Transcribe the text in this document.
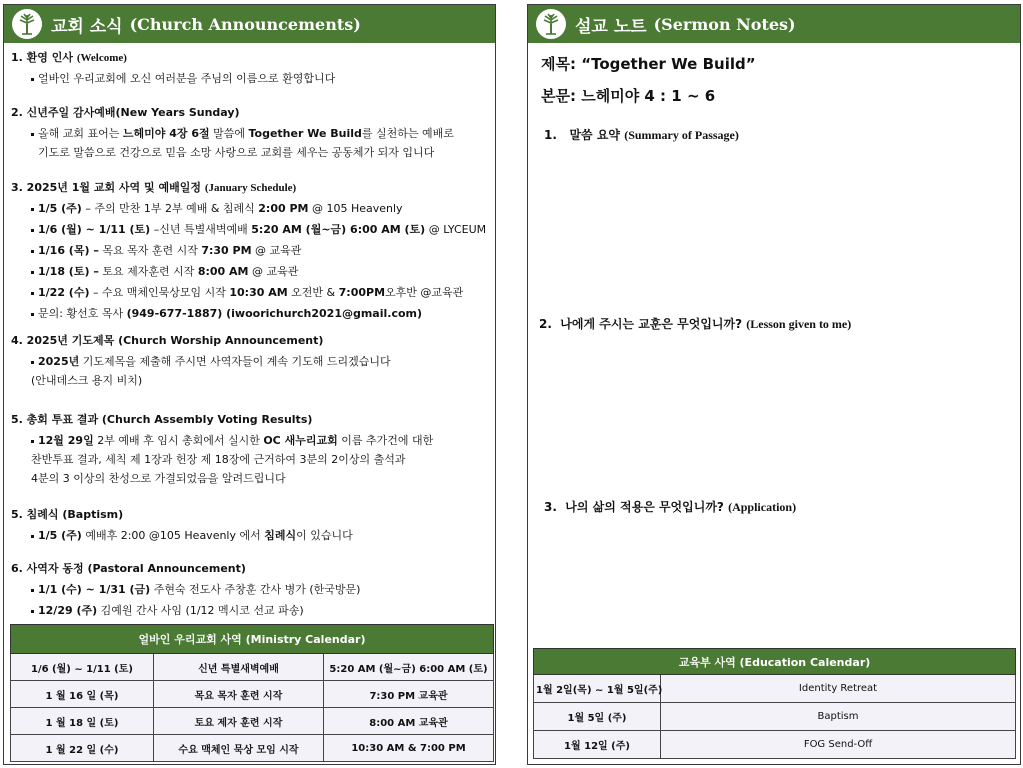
교회 소식 (Church Announcements)
1. 환영 인사 (Welcome)
얼바인 우리교회에 오신 여러분을 주님의 이름으로 환영합니다
2. 신년주일 감사예배(New Years Sunday)
올해 교회 표어는 느헤미야 4장 6절 말씀에 Together We Build를 실천하는 예배로
기도로 말씀으로 건강으로 믿음 소망 사랑으로 교회를 세우는 공동체가 되자 입니다
3. 2025년 1월 교회 사역 및 예배일정 (January Schedule)
1/5 (주) – 주의 만찬 1부 2부 예배 & 침례식 2:00 PM @ 105 Heavenly
1/6 (월) ~ 1/11 (토) –신년 특별새벽예배 5:20 AM (월~금) 6:00 AM (토) @ LYCEUM
1/16 (목) – 목요 목자 훈련 시작 7:30 PM @ 교육관
1/18 (토) – 토요 제자훈련 시작 8:00 AM @ 교육관
1/22 (수) – 수요 맥체인묵상모임 시작 10:30 AM 오전반 & 7:00PM오후반 @교육관
문의: 황선호 목사 (949-677-1887) (iwoorichurch2021@gmail.com)
4. 2025년 기도제목 (Church Worship Announcement)
2025년 기도제목을 제출해 주시면 사역자들이 계속 기도해 드리겠습니다
(안내데스크 용지 비치)
5. 총회 투표 결과 (Church Assembly Voting Results)
12월 29일 2부 예배 후 임시 총회에서 실시한 OC 새누리교회 이름 추가건에 대한
찬반투표 결과, 세칙 제 1장과 헌장 제 18장에 근거하여 3분의 2이상의 출석과
4분의 3 이상의 찬성으로 가결되었음을 알려드립니다
5. 침례식 (Baptism)
1/5 (주) 예배후 2:00 @105 Heavenly 에서 침례식이 있습니다
6. 사역자 동정 (Pastoral Announcement)
1/1 (수) ~ 1/31 (금) 주현숙 전도사 주창훈 간사 병가 (한국방문)
12/29 (주) 김예원 간사 사임 (1/12 멕시코 선교 파송)
얼바인 우리교회 사역 (Ministry Calendar)		
1/6 (월) ~ 1/11 (토)	신년 특별새벽예배	5:20 AM (월~금) 6:00 AM (토)
1 월 16 일 (목)	목요 목자 훈련 시작	7:30 PM 교육관
1 월 18 일 (토)	토요 제자 훈련 시작	8:00 AM 교육관
1 월 22 일 (수)	수요 맥체인 묵상 모임 시작	10:30 AM & 7:00 PM
설교 노트 (Sermon Notes)
제목: “Together We Build”
본문: 느헤미야 4 : 1 ~ 6
1. 말씀 요약 (Summary of Passage)
2. 나에게 주시는 교훈은 무엇입니까? (Lesson given to me)
3. 나의 삶의 적용은 무엇입니까? (Application)
교육부 사역 (Education Calendar)	
1월 2일(목) ~ 1월 5일(주)	Identity Retreat
1월 5일 (주)	Baptism
1월 12일 (주)	FOG Send-Off
